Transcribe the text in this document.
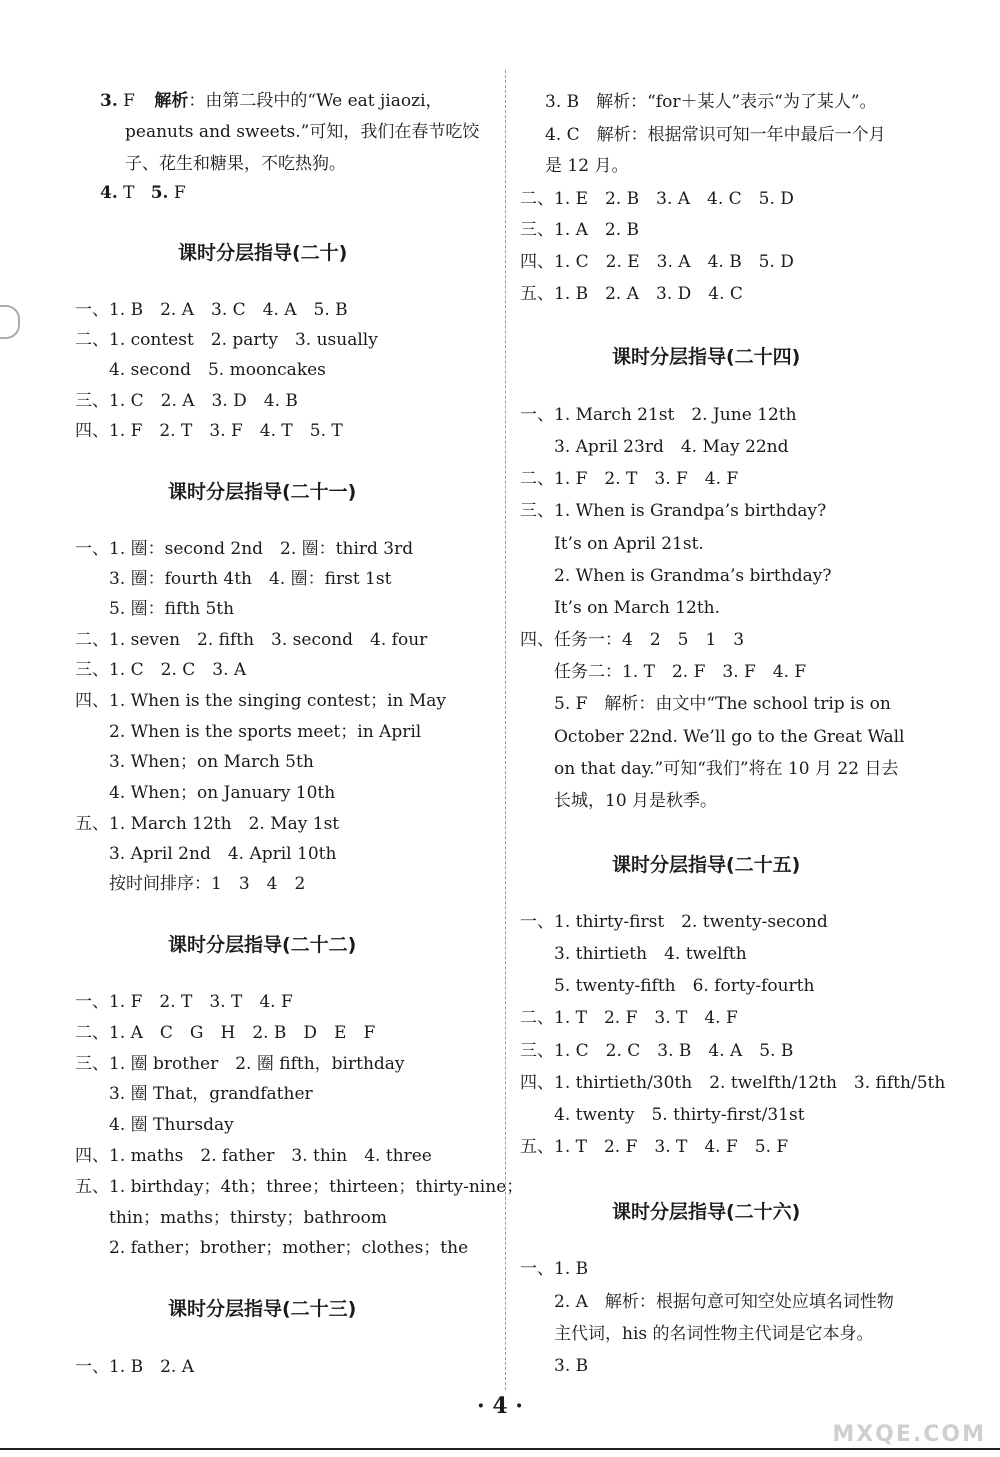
3. F 解析：由第二段中的“We eat jiaozi，
peanuts and sweets.”可知，我们在春节吃饺
子、花生和糖果，不吃热狗。
4. T 5. F
课时分层指导(二十)
一、1. B　2. A　3. C　4. A　5. B
二、1. contest　2. party　3. usually
　　4. second　5. mooncakes
三、1. C　2. A　3. D　4. B
四、1. F　2. T　3. F　4. T　5. T
课时分层指导(二十一)
一、1. 圈：second 2nd　2. 圈：third 3rd
　　3. 圈：fourth 4th　4. 圈：first 1st
　　5. 圈：fifth 5th
二、1. seven　2. fifth　3. second　4. four
三、1. C　2. C　3. A
四、1. When is the singing contest；in May
　　2. When is the sports meet；in April
　　3. When；on March 5th
　　4. When；on January 10th
五、1. March 12th　2. May 1st
　　3. April 2nd　4. April 10th
　　按时间排序：1　3　4　2
课时分层指导(二十二)
一、1. F　2. T　3. T　4. F
二、1. A　C　G　H　2. B　D　E　F
三、1. 圈 brother　2. 圈 fifth，birthday
　　3. 圈 That，grandfather
　　4. 圈 Thursday
四、1. maths　2. father　3. thin　4. three
五、1. birthday；4th；three；thirteen；thirty-nine；
　　thin；maths；thirsty；bathroom
　　2. father；brother；mother；clothes；the
课时分层指导(二十三)
一、1. B　2. A
3. B　解析：“for＋某人”表示“为了某人”。
4. C　解析：根据常识可知一年中最后一个月
是 12 月。
二、1. E　2. B　3. A　4. C　5. D
三、1. A　2. B
四、1. C　2. E　3. A　4. B　5. D
五、1. B　2. A　3. D　4. C
课时分层指导(二十四)
一、1. March 21st　2. June 12th
　　3. April 23rd　4. May 22nd
二、1. F　2. T　3. F　4. F
三、1. When is Grandpa’s birthday?
　　It’s on April 21st.
　　2. When is Grandma’s birthday?
　　It’s on March 12th.
四、任务一：4　2　5　1　3
　　任务二：1. T　2. F　3. F　4. F
　　5. F　解析：由文中“The school trip is on
　　October 22nd. We’ll go to the Great Wall
　　on that day.”可知“我们”将在 10 月 22 日去
　　长城，10 月是秋季。
课时分层指导(二十五)
一、1. thirty-first　2. twenty-second
　　3. thirtieth　4. twelfth
　　5. twenty-fifth　6. forty-fourth
二、1. T　2. F　3. T　4. F
三、1. C　2. C　3. B　4. A　5. B
四、1. thirtieth/30th　2. twelfth/12th　3. fifth/5th
　　4. twenty　5. thirty-first/31st
五、1. T　2. F　3. T　4. F　5. F
课时分层指导(二十六)
一、1. B
　　2. A　解析：根据句意可知空处应填名词性物
　　主代词，his 的名词性物主代词是它本身。
　　3. B
· 4 ·
MXQE.COM
